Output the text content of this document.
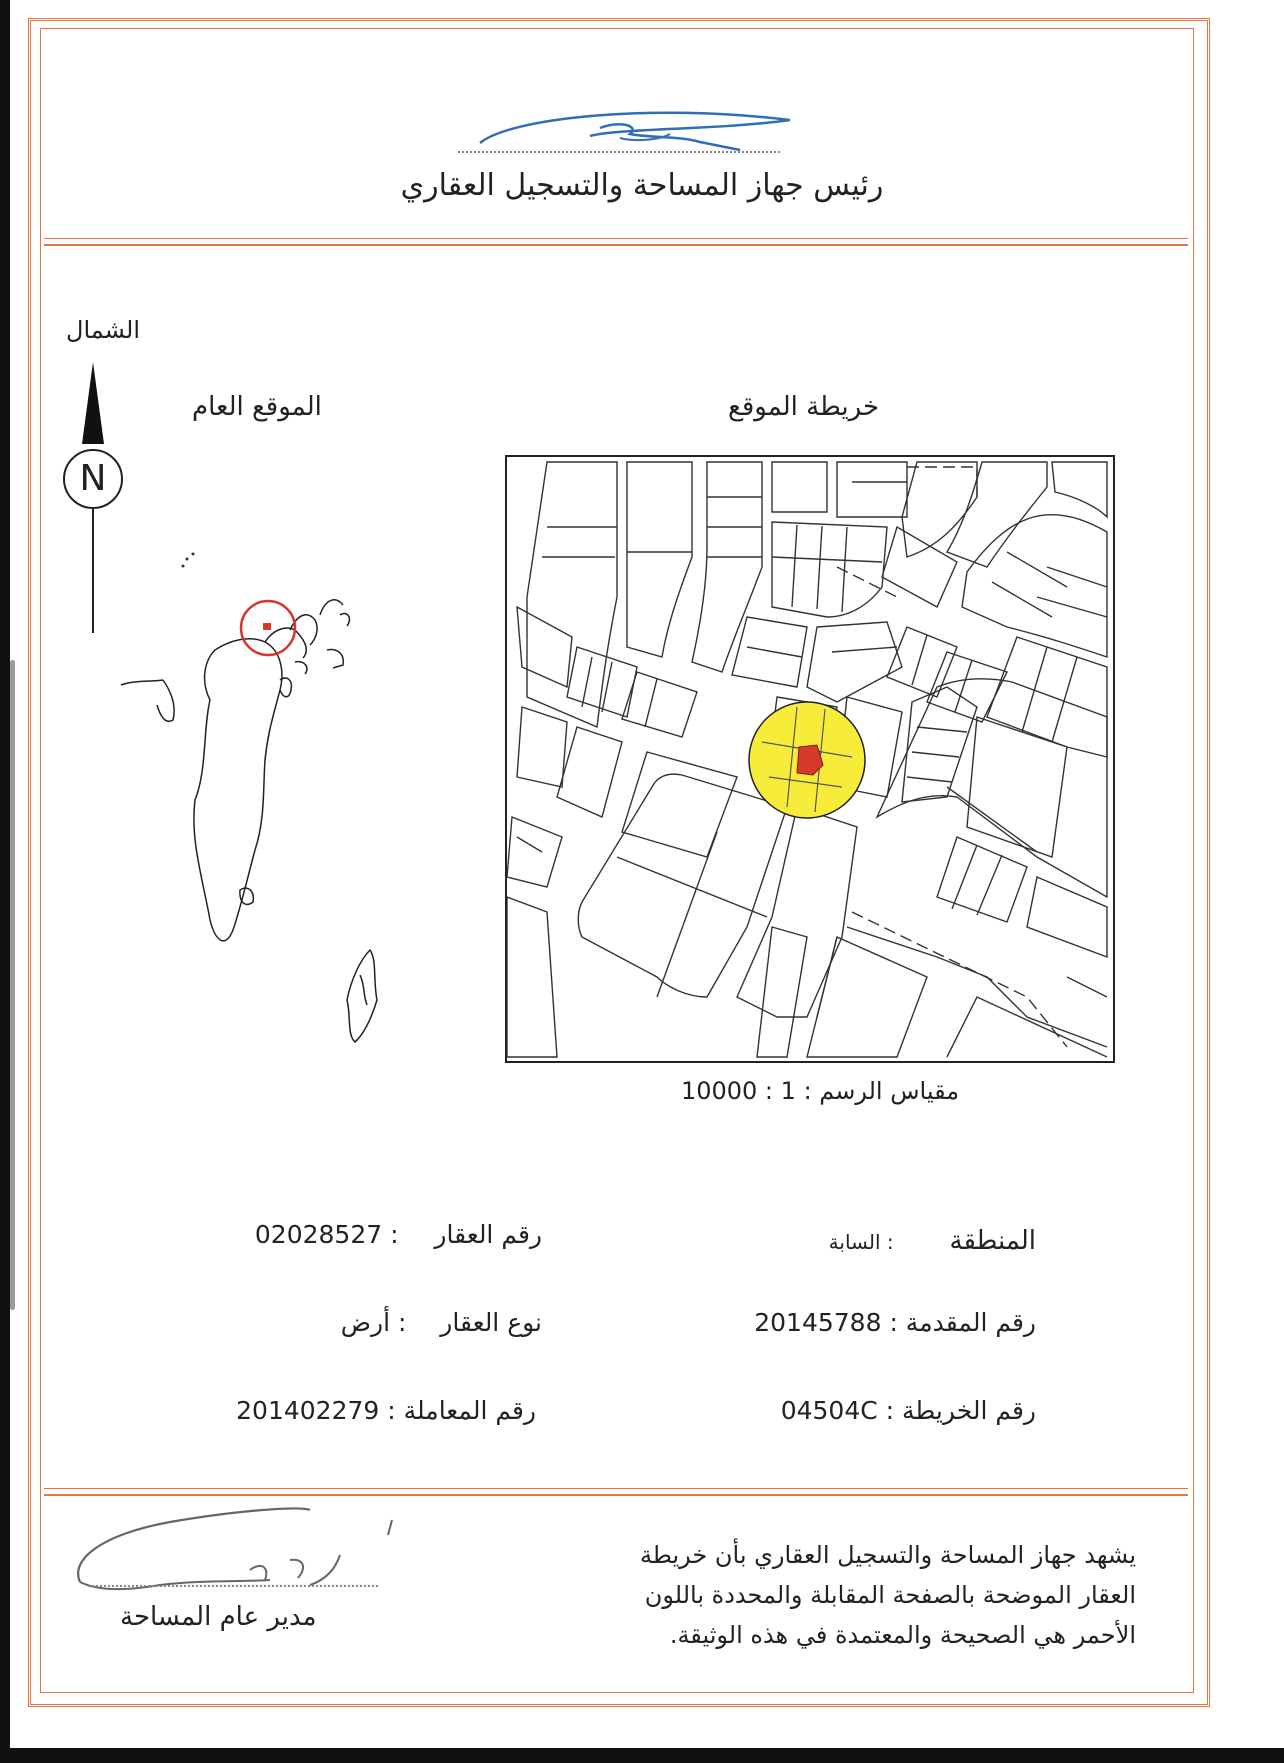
رئيس جهاز المساحة والتسجيل العقاري
الشمال
N
الموقع العام	خريطة الموقع
مقياس الرسم : 1 : 10000
المنطقة  : السابة
رقم العقار  : 02028527
رقم المقدمة : 20145788
نوع العقار  : أرض
رقم الخريطة : 04504C
رقم المعاملة : 201402279
يشهد جهاز المساحة والتسجيل العقاري بأن خريطة العقار الموضحة بالصفحة المقابلة والمحددة باللون الأحمر هي الصحيحة والمعتمدة في هذه الوثيقة.
مدير عام المساحة
